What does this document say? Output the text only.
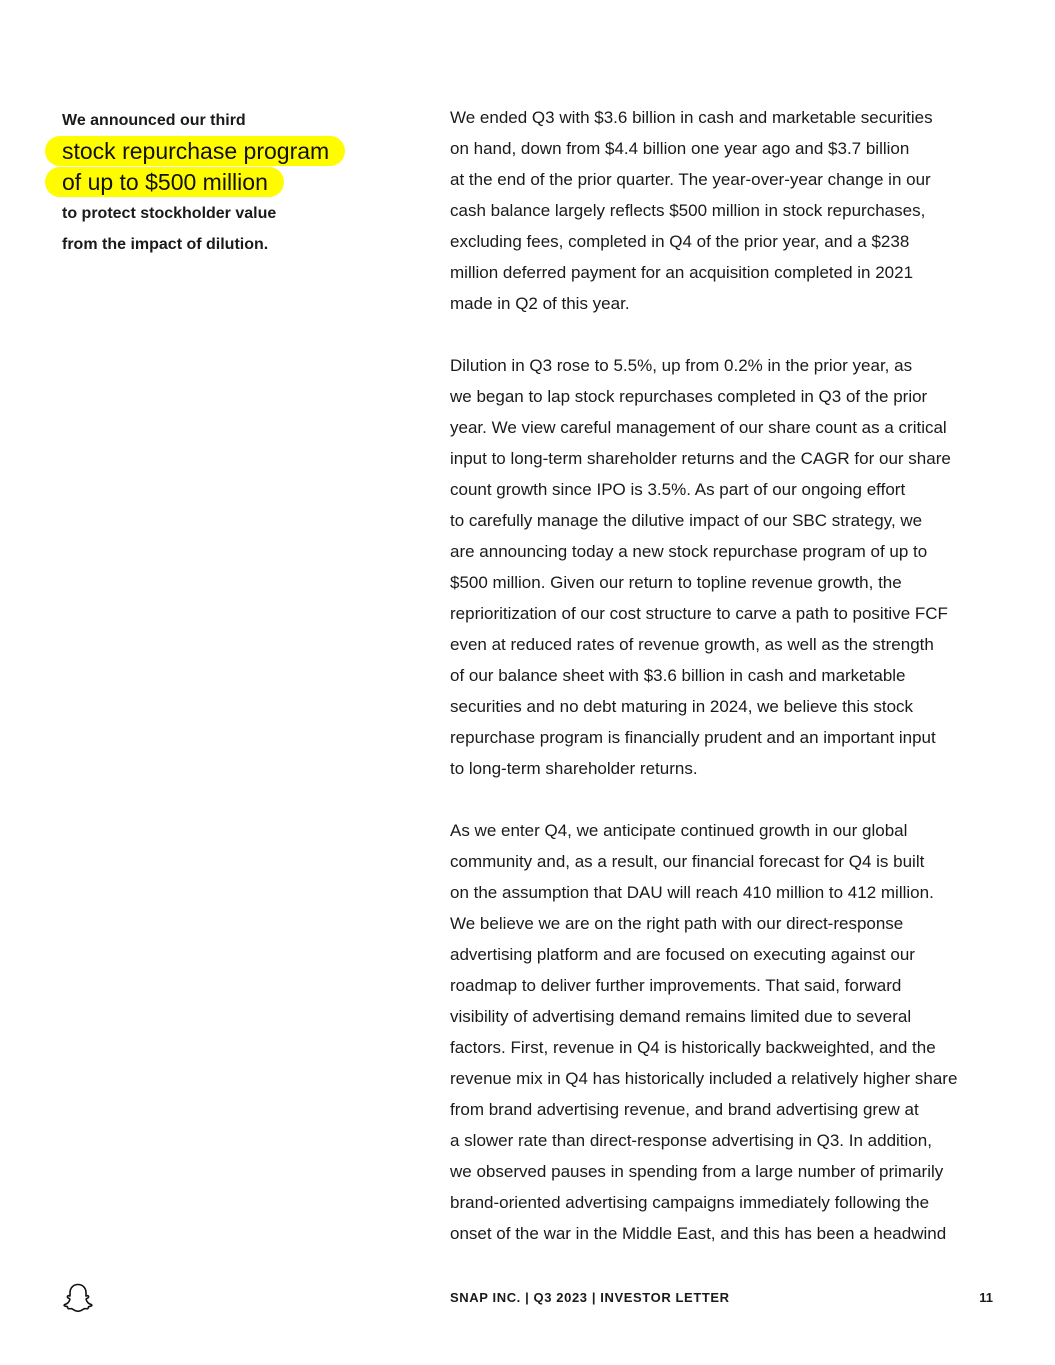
We announced our third

stock repurchase program
of up to $500 million

to protect stockholder value

from the impact of dilution.

We ended Q3 with $3.6 billion in cash and marketable securities
on hand, down from $4.4 billion one year ago and $3.7 billion
at the end of the prior quarter. The year-over-year change in our
cash balance largely reflects $500 million in stock repurchases,
excluding fees, completed in Q4 of the prior year, and a $238
million deferred payment for an acquisition completed in 2021
made in Q2 of this year.

Dilution in Q3 rose to 5.5%, up from 0.2% in the prior year, as
we began to lap stock repurchases completed in Q3 of the prior
year. We view careful management of our share count as a critical
input to long-term shareholder returns and the CAGR for our share
count growth since IPO is 3.5%. As part of our ongoing effort
to carefully manage the dilutive impact of our SBC strategy, we
are announcing today a new stock repurchase program of up to
$500 million. Given our return to topline revenue growth, the
reprioritization of our cost structure to carve a path to positive FCF
even at reduced rates of revenue growth, as well as the strength
of our balance sheet with $3.6 billion in cash and marketable
securities and no debt maturing in 2024, we believe this stock
repurchase program is financially prudent and an important input
to long-term shareholder returns.

As we enter Q4, we anticipate continued growth in our global
community and, as a result, our financial forecast for Q4 is built
on the assumption that DAU will reach 410 million to 412 million.
We believe we are on the right path with our direct-response
advertising platform and are focused on executing against our
roadmap to deliver further improvements. That said, forward
visibility of advertising demand remains limited due to several
factors. First, revenue in Q4 is historically backweighted, and the
revenue mix in Q4 has historically included a relatively higher share
from brand advertising revenue, and brand advertising grew at
a slower rate than direct-response advertising in Q3. In addition,
we observed pauses in spending from a large number of primarily
brand-oriented advertising campaigns immediately following the
onset of the war in the Middle East, and this has been a headwind

SNAP INC. | Q3 2023 | INVESTOR LETTER	11
